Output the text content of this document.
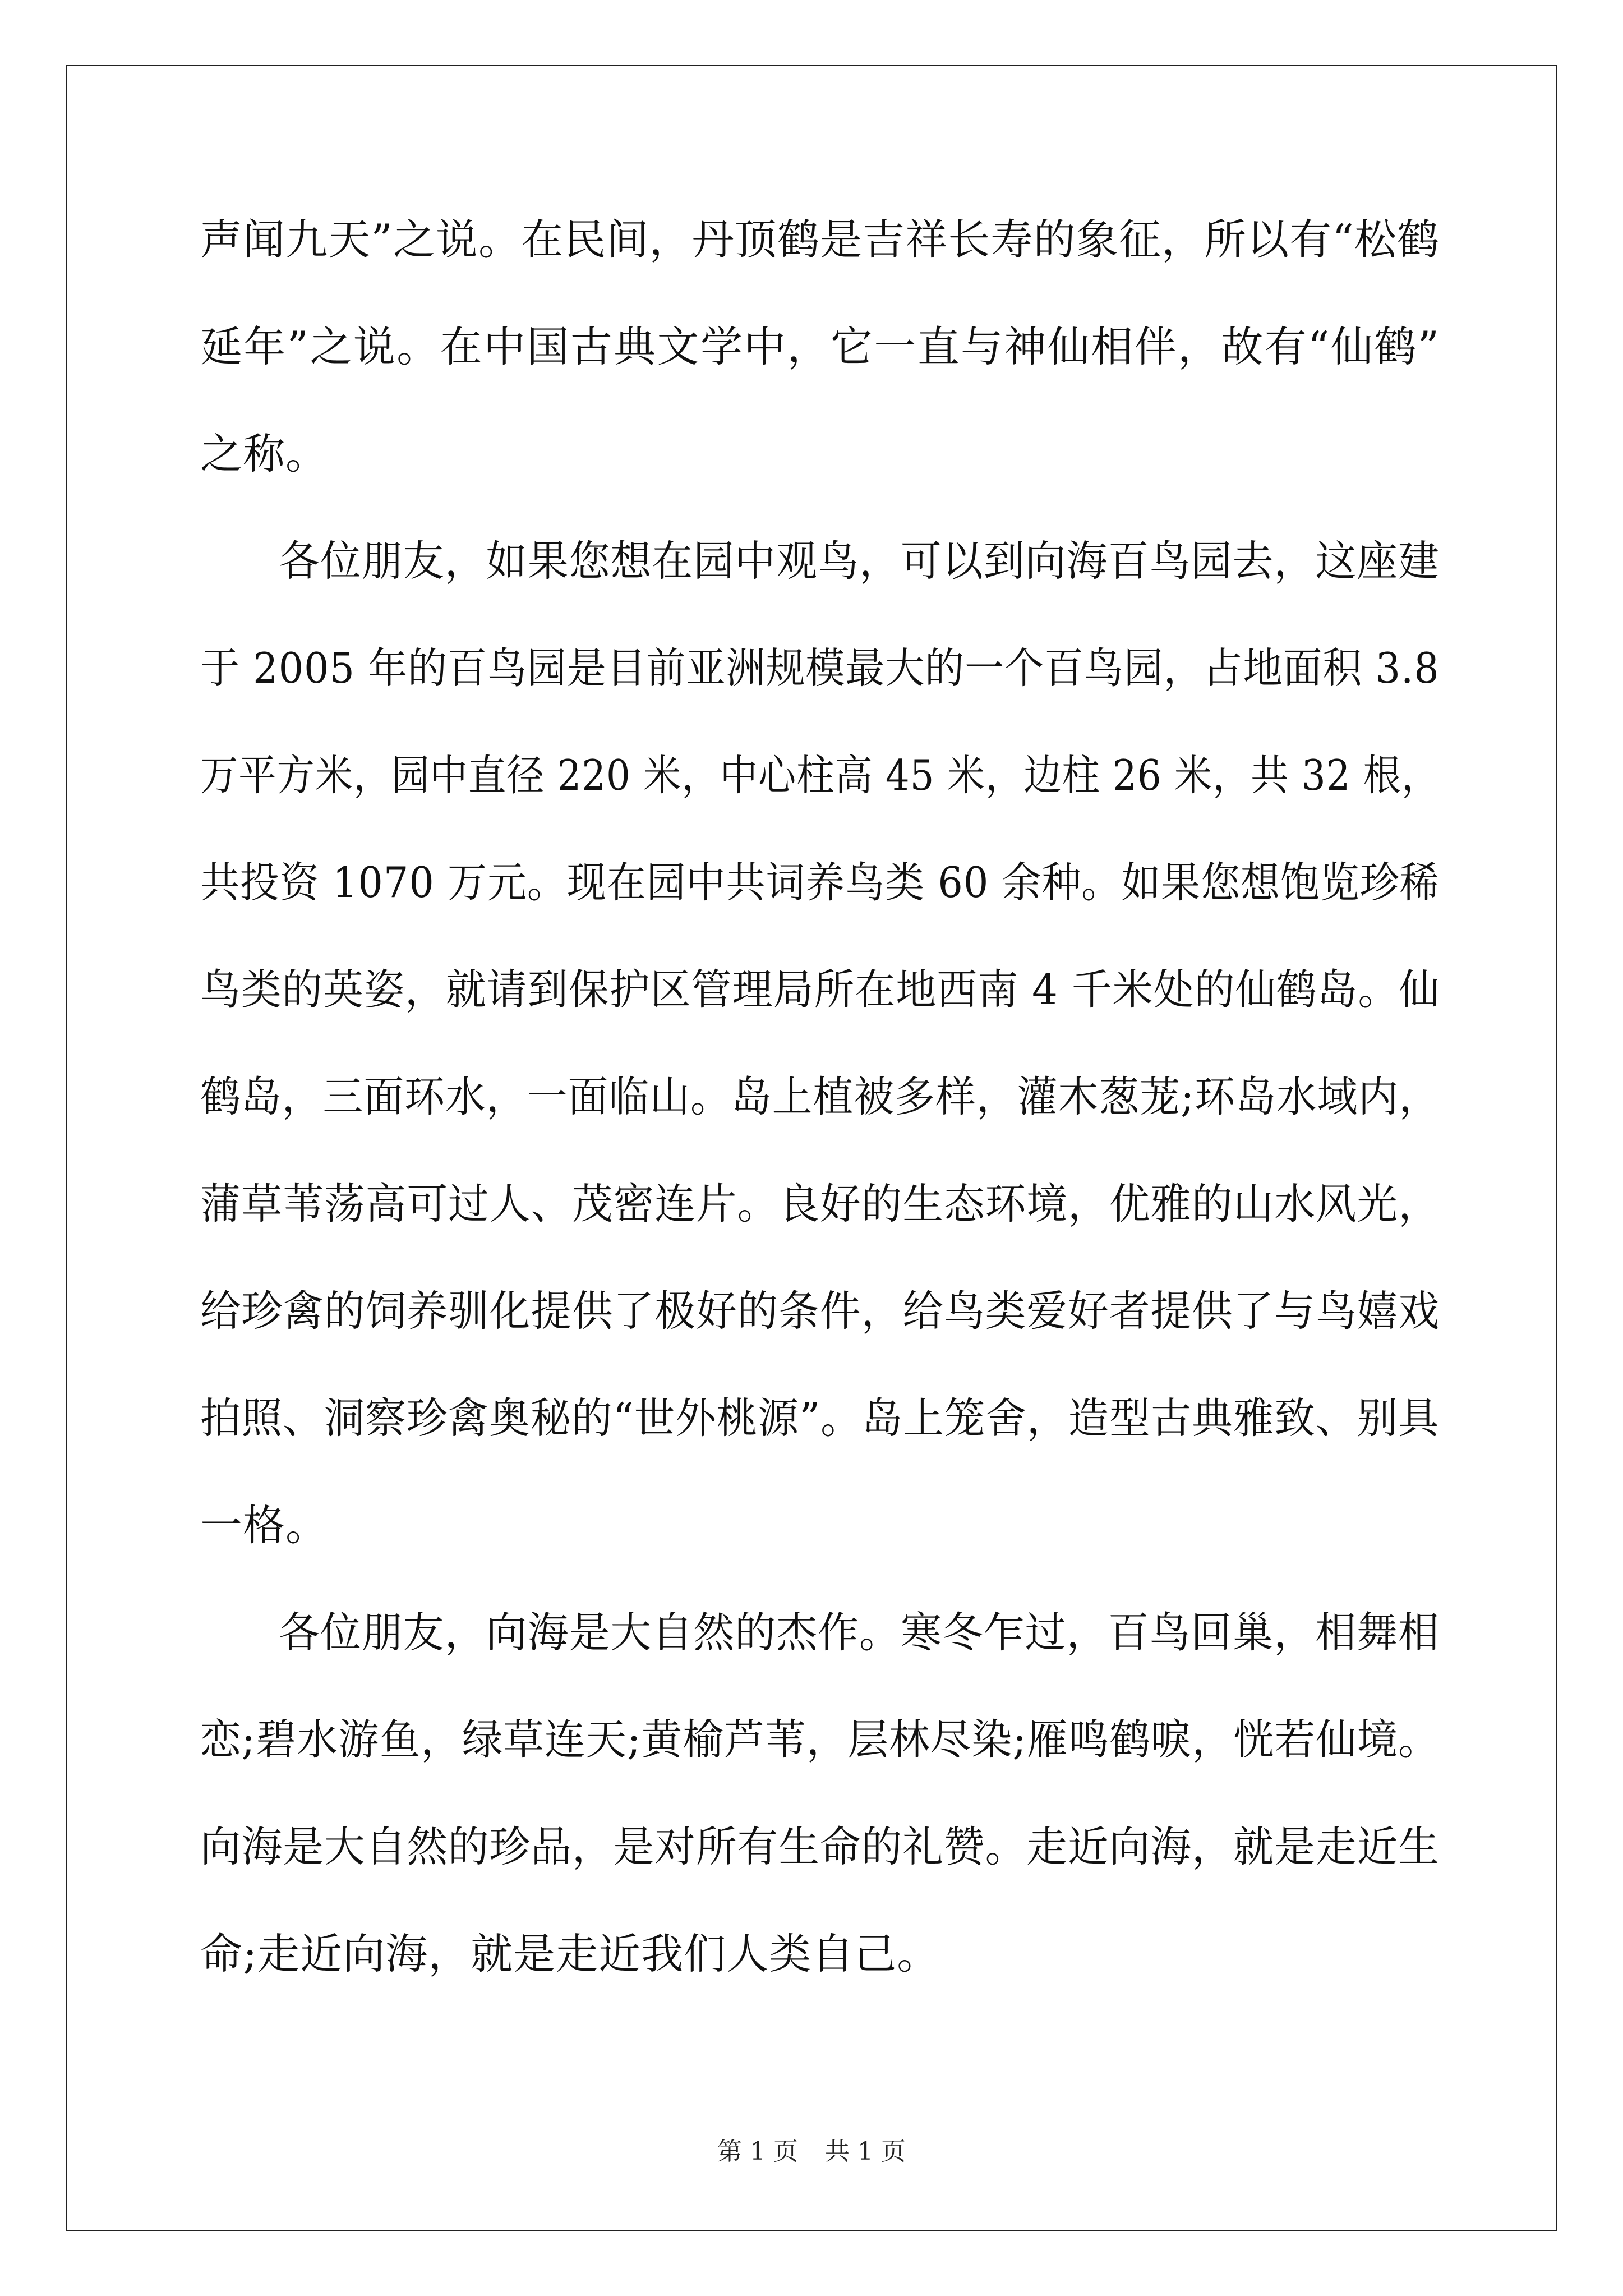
声闻九天”之说。在民间，丹顶鹤是吉祥长寿的象征，所以有“松鹤
延年”之说。在中国古典文学中，它一直与神仙相伴，故有“仙鹤”
之称。
各位朋友，如果您想在园中观鸟，可以到向海百鸟园去，这座建
于 2005 年的百鸟园是目前亚洲规模最大的一个百鸟园，占地面积 3.8
万平方米，园中直径 220 米，中心柱高 45 米，边柱 26 米，共 32 根，
共投资 1070 万元。现在园中共词养鸟类 60 余种。如果您想饱览珍稀
鸟类的英姿，就请到保护区管理局所在地西南 4 千米处的仙鹤岛。仙
鹤岛，三面环水，一面临山。岛上植被多样，灌木葱茏;环岛水域内，
蒲草苇荡高可过人、茂密连片。良好的生态环境，优雅的山水风光，
给珍禽的饲养驯化提供了极好的条件，给鸟类爱好者提供了与鸟嬉戏
拍照、洞察珍禽奥秘的“世外桃源”。岛上笼舍，造型古典雅致、别具
一格。
各位朋友，向海是大自然的杰作。寒冬乍过，百鸟回巢，相舞相
恋;碧水游鱼，绿草连天;黄榆芦苇，层林尽染;雁鸣鹤唳，恍若仙境。
向海是大自然的珍品，是对所有生命的礼赞。走近向海，就是走近生
命;走近向海，就是走近我们人类自己。
第 1 页 共 1 页
